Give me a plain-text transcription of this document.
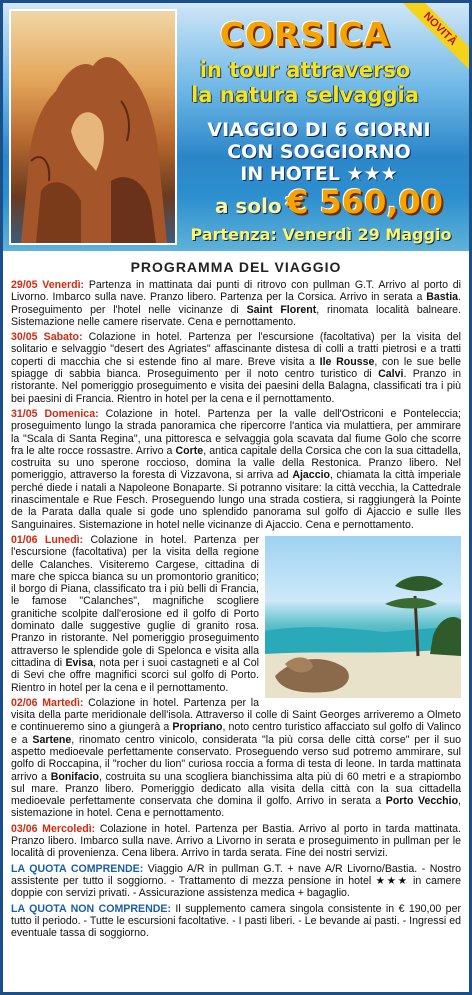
NOVITÀ
CORSICA
in tour attraverso
la natura selvaggia
VIAGGIO DI 6 GIORNI
CON SOGGIORNO
IN HOTEL ★★★
a solo € 560,00
Partenza: Venerdì 29 Maggio
PROGRAMMA DEL VIAGGIO
29/05 Venerdì: Partenza in mattinata dai punti di ritrovo con pullman G.T. Arrivo al porto di Livorno. Imbarco sulla nave. Pranzo libero. Partenza per la Corsica. Arrivo in serata a Bastia. Proseguimento per l'hotel nelle vicinanze di Saint Florent, rinomata località balneare. Sistemazione nelle camere riservate. Cena e pernottamento.
30/05 Sabato: Colazione in hotel. Partenza per l'escursione (facoltativa) per la visita del solitario e selvaggio "desert des Agriates" affascinante distesa di colli a tratti pietrosi e a tratti coperti di macchia che si estende fino al mare. Breve visita a Ile Rousse, con le sue belle spiagge di sabbia bianca. Proseguimento per il noto centro turistico di Calvi. Pranzo in ristorante. Nel pomeriggio proseguimento e visita dei paesini della Balagna, classificati tra i più bei paesini di Francia. Rientro in hotel per la cena e il pernottamento.
31/05 Domenica: Colazione in hotel. Partenza per la valle dell'Ostriconi e Ponteleccia; proseguimento lungo la strada panoramica che ripercorre l'antica via mulattiera, per ammirare la "Scala di Santa Regina", una pittoresca e selvaggia gola scavata dal fiume Golo che scorre fra le alte rocce rossastre. Arrivo a Corte, antica capitale della Corsica che con la sua cittadella, costruita su uno sperone roccioso, domina la valle della Restonica. Pranzo libero. Nel pomeriggio, attraverso la foresta di Vizzavona, si arriva ad Ajaccio, chiamata la città imperiale perché diede i natali a Napoleone Bonaparte. Si potranno visitare: la città vecchia, la Cattedrale rinascimentale e Rue Fesch. Proseguendo lungo una strada costiera, si raggiungerà la Pointe de la Parata dalla quale si gode uno splendido panorama sul golfo di Ajaccio e sulle Iles Sanguinaires. Sistemazione in hotel nelle vicinanze di Ajaccio. Cena e pernottamento.
01/06 Lunedì: Colazione in hotel. Partenza per l'escursione (facoltativa) per la visita della regione delle Calanches. Visiteremo Cargese, cittadina di mare che spicca bianca su un promontorio granitico; il borgo di Piana, classificato tra i più belli di Francia, le famose "Calanches", magnifiche scogliere granitiche scolpite dall'erosione ed il golfo di Porto dominato dalle suggestive guglie di granito rosa. Pranzo in ristorante. Nel pomeriggio proseguimento attraverso le splendide gole di Spelonca e visita alla cittadina di Evisa, nota per i suoi castagneti e al Col di Sevi che offre magnifici scorci sul golfo di Porto. Rientro in hotel per la cena e il pernottamento.
02/06 Martedì: Colazione in hotel. Partenza per la visita della parte meridionale dell'isola. Attraverso il colle di Saint Georges arriveremo a Olmeto e continueremo sino a giungerà a Propriano, noto centro turistico affacciato sul golfo di Valinco e a Sartene, rinomato centro vinicolo, considerata "la più corsa delle città corse" per il suo aspetto medioevale perfettamente conservato. Proseguendo verso sud potremo ammirare, sul golfo di Roccapina, il "rocher du lion" curiosa roccia a forma di testa di leone. In tarda mattinata arrivo a Bonifacio, costruita su una scogliera bianchissima alta più di 60 metri e a strapiombo sul mare. Pranzo libero. Pomeriggio dedicato alla visita della città con la sua cittadella medioevale perfettamente conservata che domina il golfo. Arrivo in serata a Porto Vecchio, sistemazione in hotel. Cena e pernottamento.
03/06 Mercoledì: Colazione in hotel. Partenza per Bastia. Arrivo al porto in tarda mattinata. Pranzo libero. Imbarco sulla nave. Arrivo a Livorno in serata e proseguimento in pullman per le località di provenienza. Cena libera. Arrivo in tarda serata. Fine dei nostri servizi.
LA QUOTA COMPRENDE: Viaggio A/R in pullman G.T. + nave A/R Livorno/Bastia. - Nostro assistente per tutto il soggiorno. - Trattamento di mezza pensione in hotel ★★★ in camere doppie con servizi privati. - Assicurazione assistenza medica + bagaglio.
LA QUOTA NON COMPRENDE: Il supplemento camera singola consistente in € 190,00 per tutto il periodo. - Tutte le escursioni facoltative. - I pasti liberi. - Le bevande ai pasti. - Ingressi ed eventuale tassa di soggiorno.
